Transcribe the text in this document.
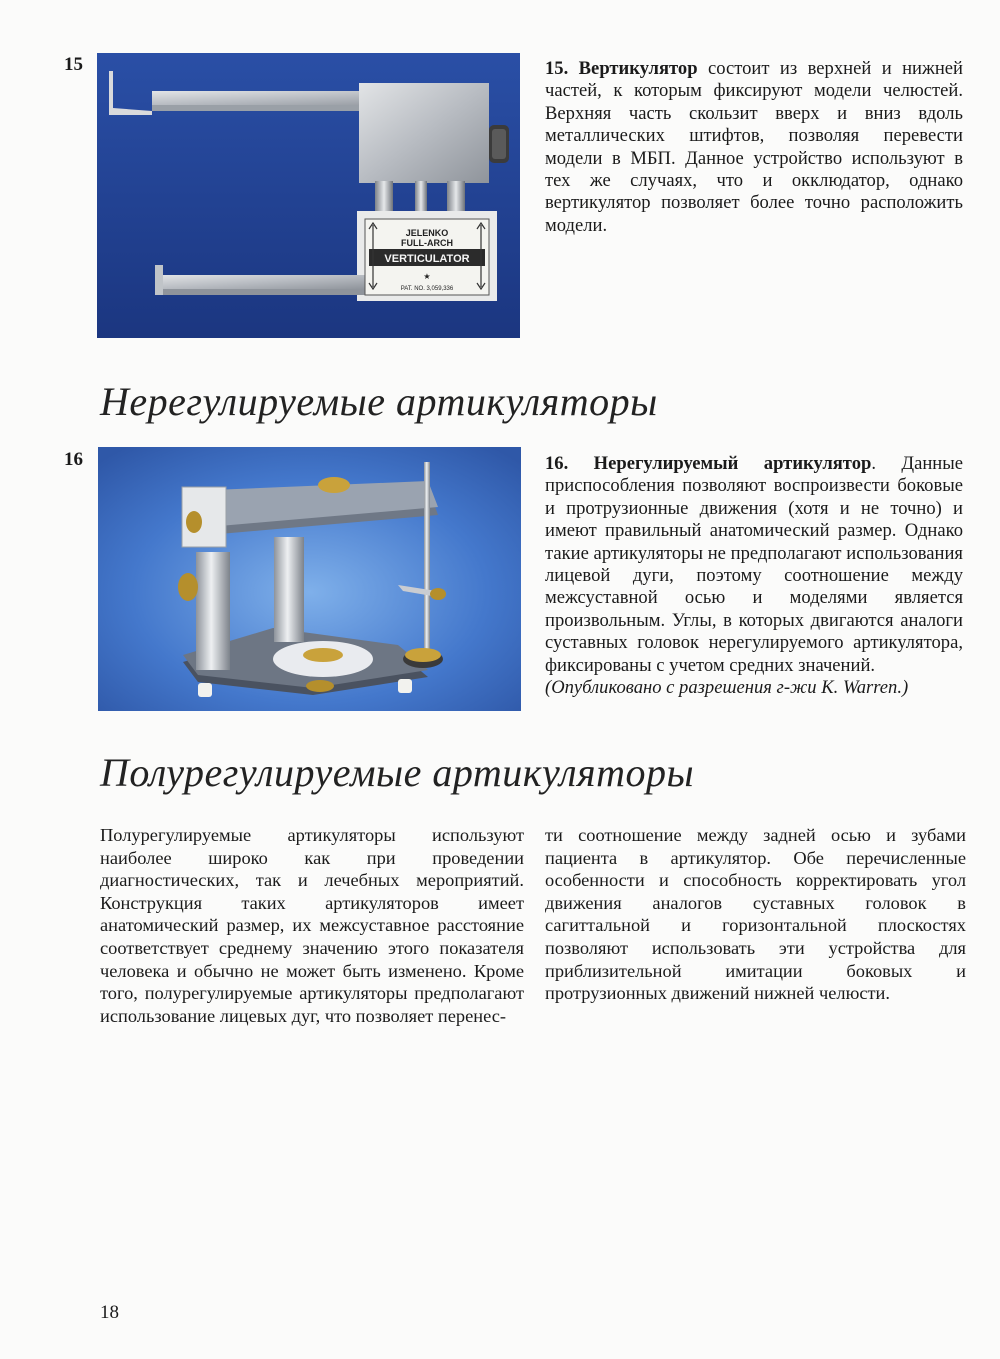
15
JELENKO
FULL-ARCH
VERTICULATOR
★
PAT. NO. 3,059,336

15. Вертикулятор состоит из верхней и нижней частей, к которым фиксируют модели челюстей. Верхняя часть скользит вверх и вниз вдоль металлических штифтов, позволяя перевести модели в МБП. Данное устройство используют в тех же случаях, что и окклюдатор, однако вертикулятор позволяет более точно расположить модели.

Нерегулируемые артикуляторы
16	16. Нерегулируемый артикулятор. Данные приспособления позволяют воспроизвести боковые и протрузионные движения (хотя и не точно) и имеют правильный анатомический размер. Однако такие артикуляторы не предполагают использования лицевой дуги, поэтому соотношение между межсуставной осью и моделями является произвольным. Углы, в которых двигаются аналоги суставных головок нерегулируемого артикулятора, фиксированы с учетом средних значений.
(Опубликовано с разрешения г-жи K. Warren.)

Полурегулируемые артикуляторы

Полурегулируемые артикуляторы используют наиболее широко как при проведении диагностических, так и лечебных мероприятий. Конструкция таких артикуляторов имеет анатомический размер, их межсуставное расстояние соответствует среднему значению этого показателя человека и обычно не может быть изменено. Кроме того, полурегулируемые артикуляторы предполагают использование лицевых дуг, что позволяет перенес-

ти соотношение между задней осью и зубами пациента в артикулятор. Обе перечисленные особенности и способность корректировать угол движения аналогов суставных головок в сагиттальной и горизонтальной плоскостях позволяют использовать эти устройства для приблизительной имитации боковых и протрузионных движений нижней челюсти.

18
